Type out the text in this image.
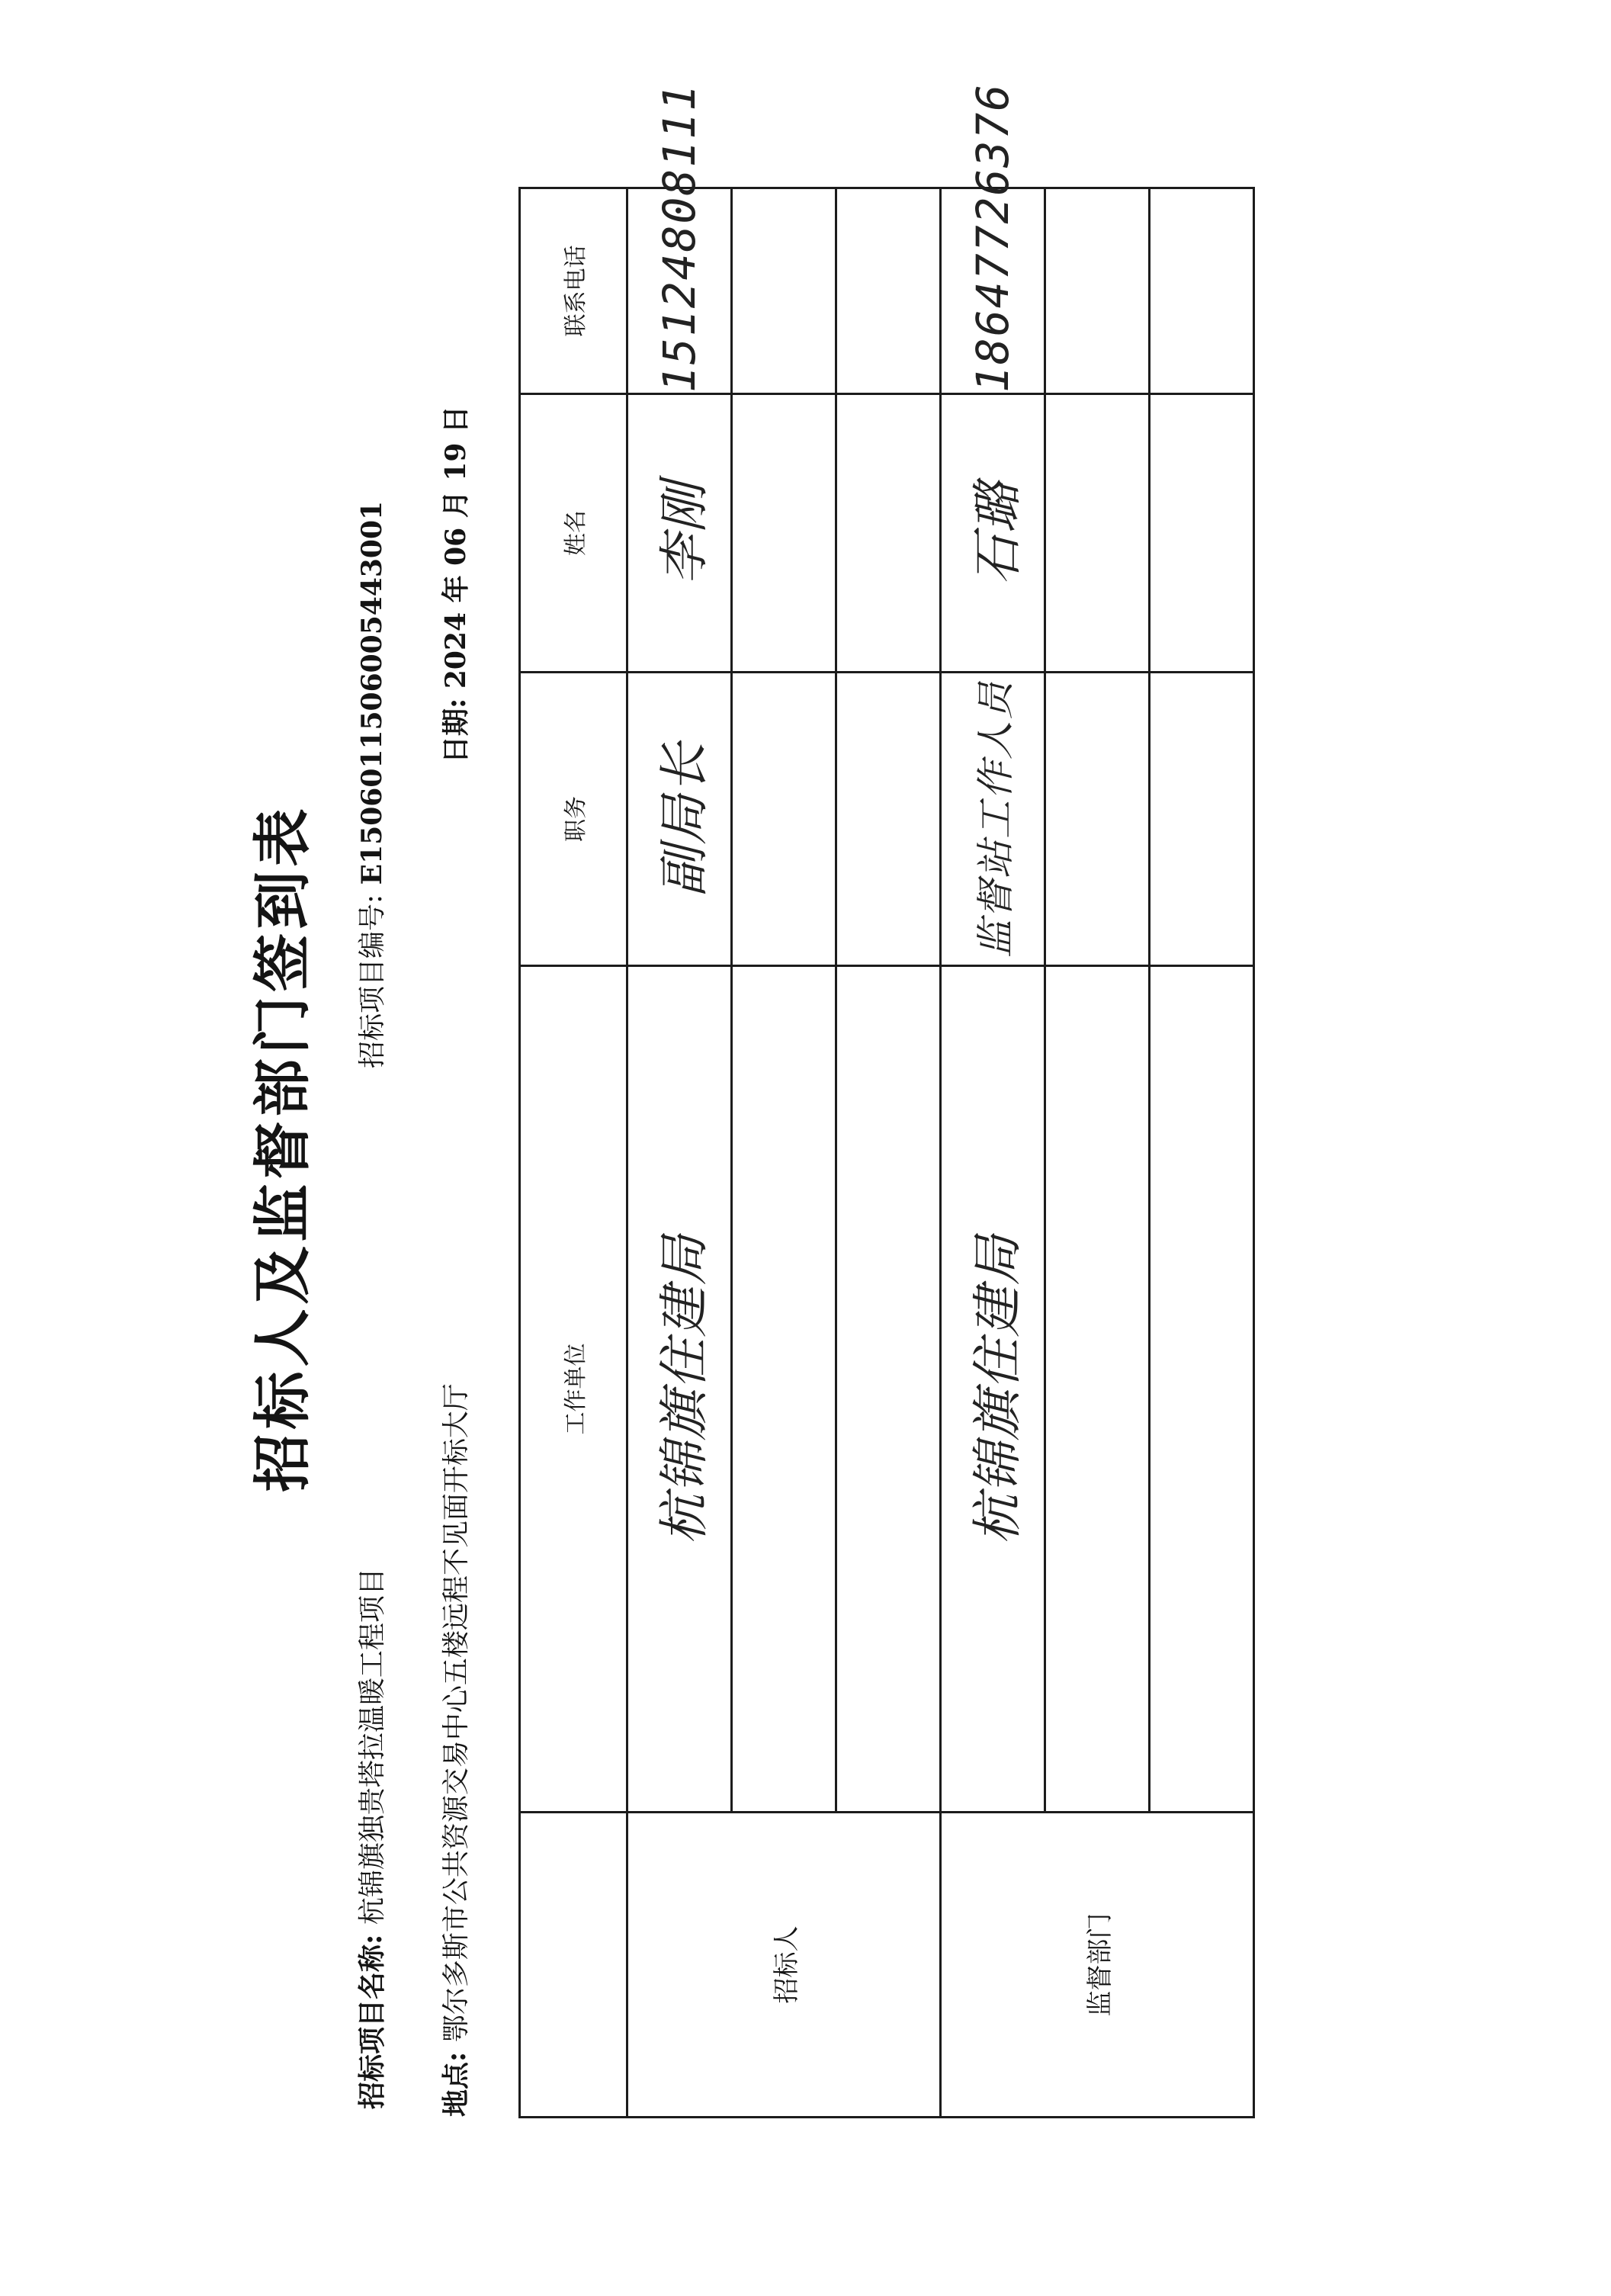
招标人及监督部门签到表
招标项目名称: 杭锦旗独贵塔拉温暖工程项目
招标项目编号: E1506011506005443001
地点: 鄂尔多斯市公共资源交易中心五楼远程不见面开标大厅
日期: 2024 年 06 月 19 日
	工作单位	职务	姓名	联系电话
招标人	杭锦旗住建局	副局长	李刚	15124808111

监督部门	杭锦旗住建局	监督站工作人员	石璐	18647726376
